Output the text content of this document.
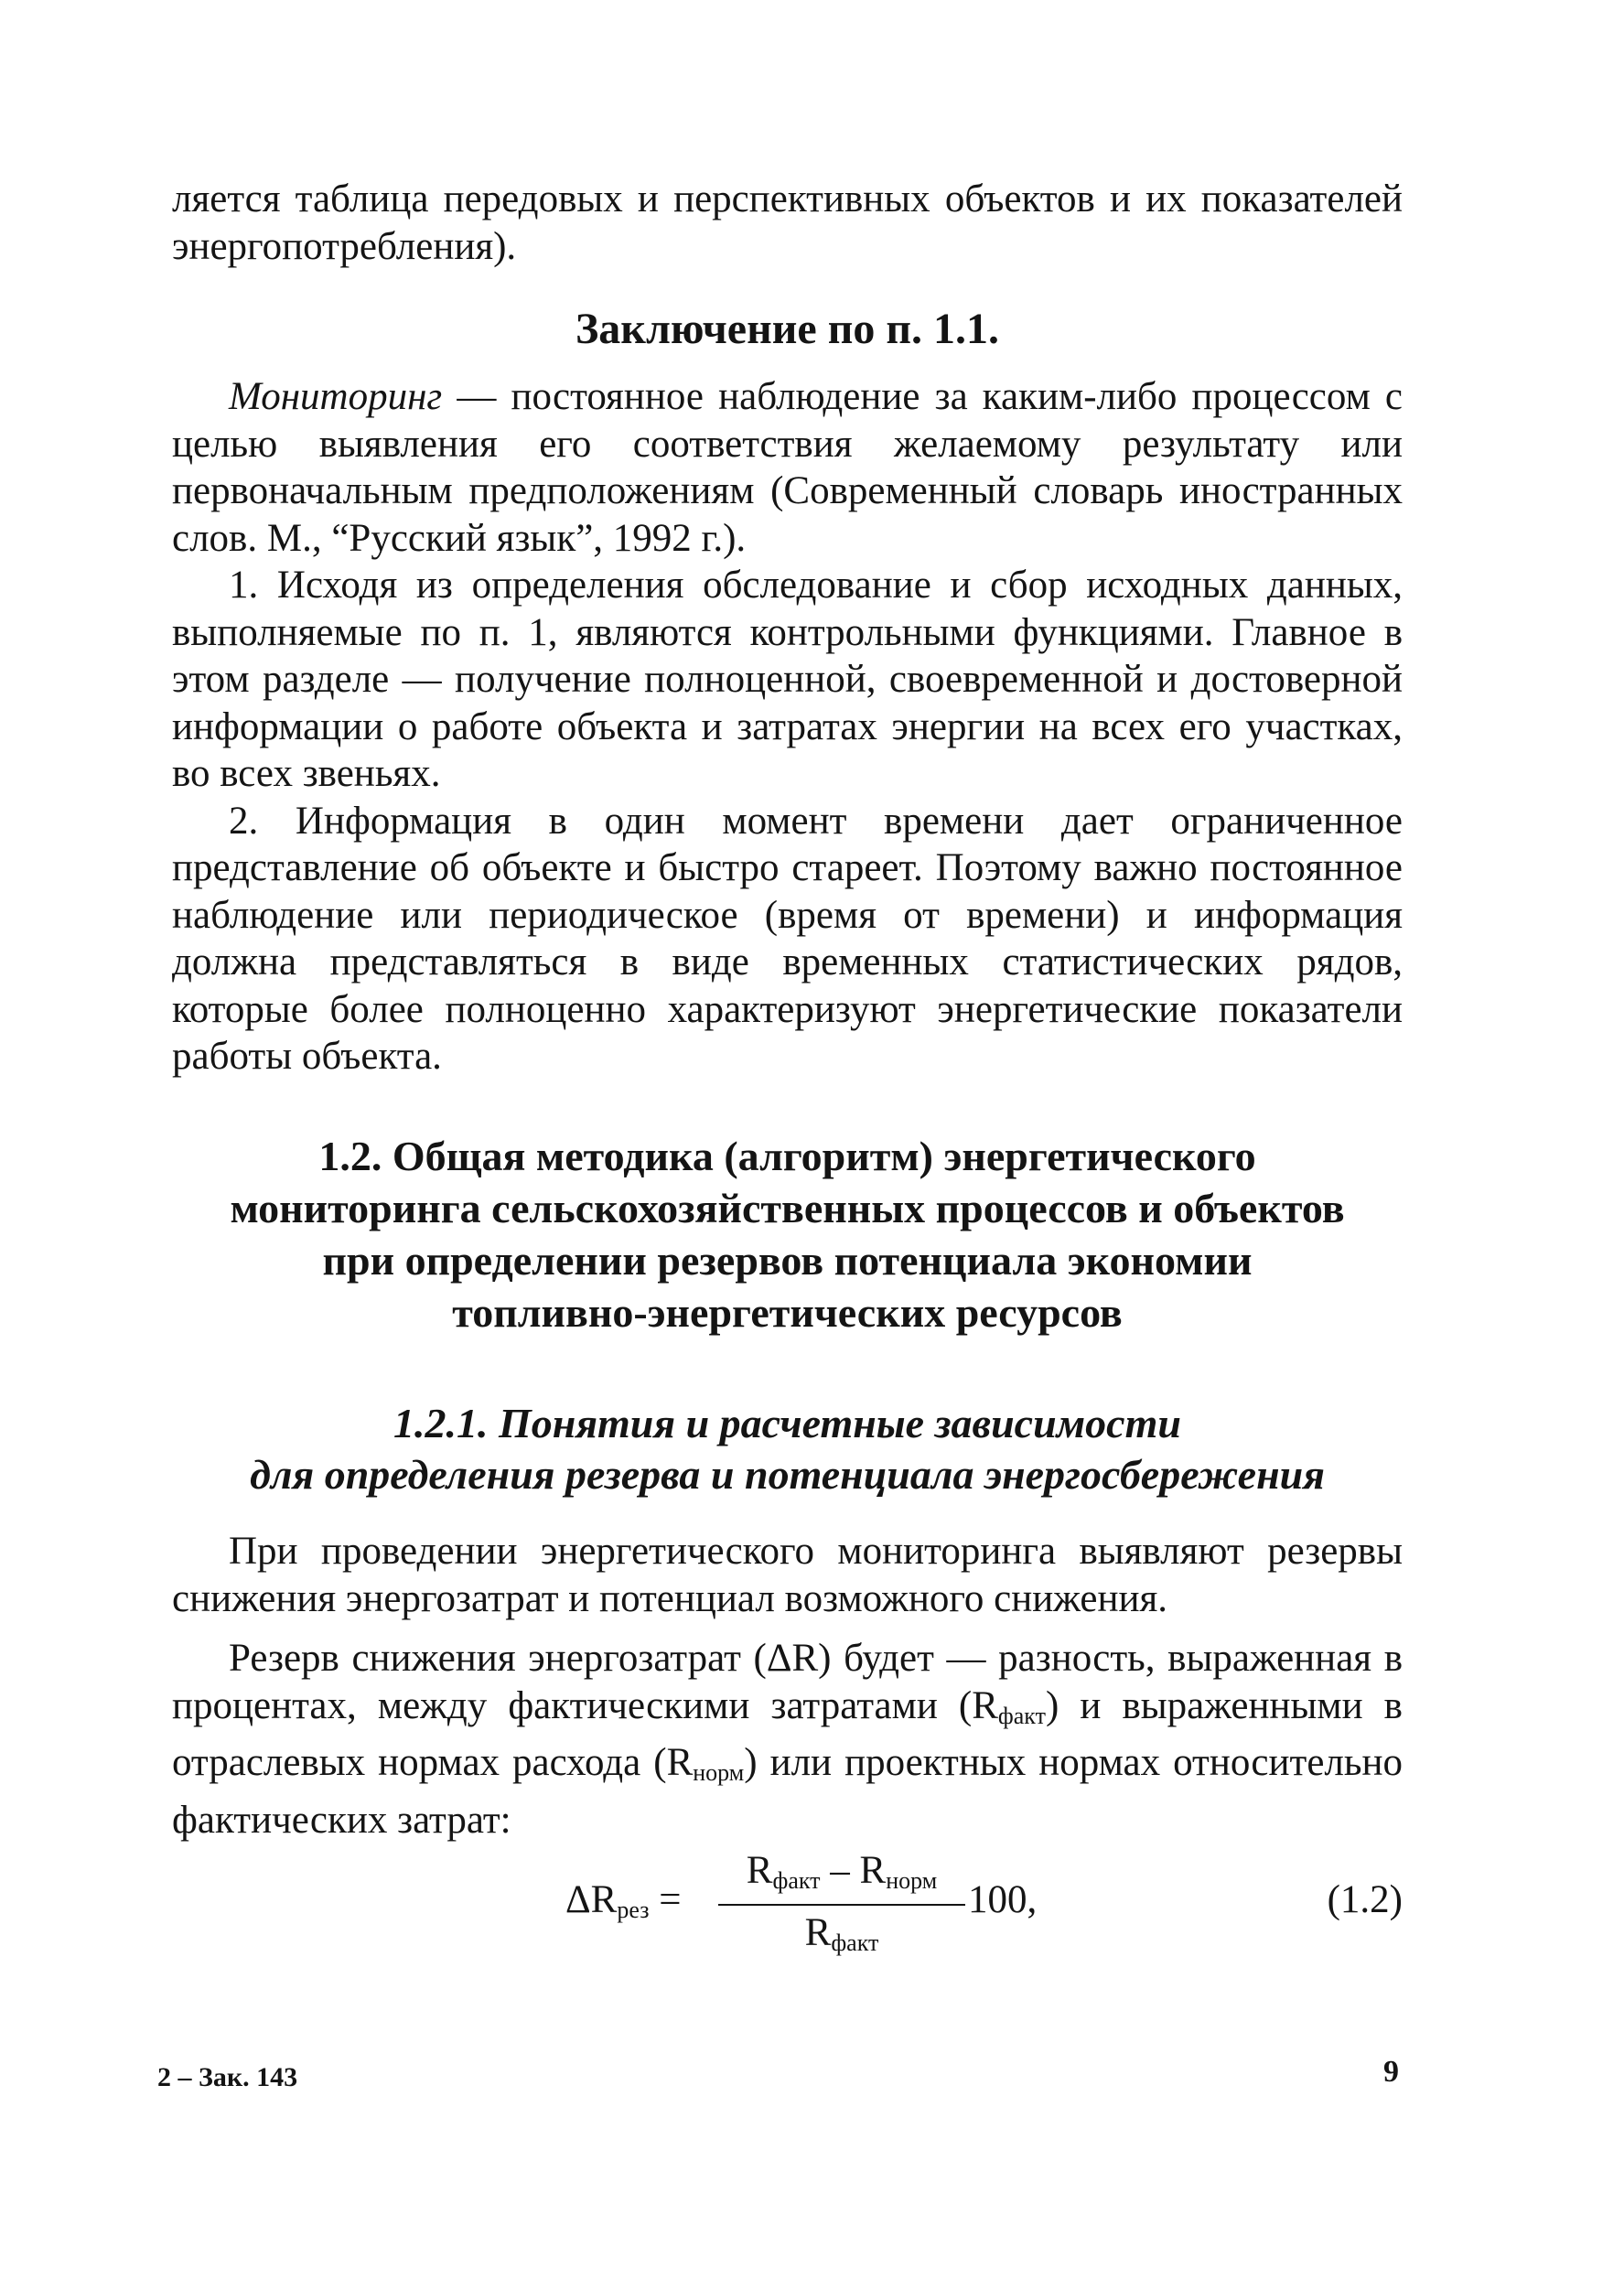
ляется таблица передовых и перспективных объектов и их показателей энергопотребления).

Заключение по п. 1.1.

Мониторинг — постоянное наблюдение за каким-либо процессом с целью выявления его соответствия желаемому результату или первоначальным предположениям (Современный словарь иностранных слов. М., “Русский язык”, 1992 г.).

1. Исходя из определения обследование и сбор исходных данных, выполняемые по п. 1, являются контрольными функциями. Главное в этом разделе — получение полноценной, своевременной и достоверной информации о работе объекта и затратах энергии на всех его участках, во всех звеньях.

2. Информация в один момент времени дает ограниченное представление об объекте и быстро стареет. Поэтому важно постоянное наблюдение или периодическое (время от времени) и информация должна представляться в виде временных статистических рядов, которые более полноценно характеризуют энергетические показатели работы объекта.

1.2. Общая методика (алгоритм) энергетического
мониторинга сельскохозяйственных процессов и объектов
при определении резервов потенциала экономии
топливно-энергетических ресурсов
1.2.1. Понятия и расчетные зависимости
для определения резерва и потенциала энергосбережения

При проведении энергетического мониторинга выявляют резервы снижения энергозатрат и потенциал возможного снижения.

Резерв снижения энергозатрат (ΔR) будет — разность, выраженная в процентах, между фактическими затратами $(R_{факт})$ и выраженными в отраслевых нормах расхода $(R_{норм})$ или проектных нормах относительно фактических затрат:

$\Delta R_{рез}$ =
$R_{факт} - R_{норм}$
$R_{факт}$
100,	(1.2)
2 – Зак. 143	9
